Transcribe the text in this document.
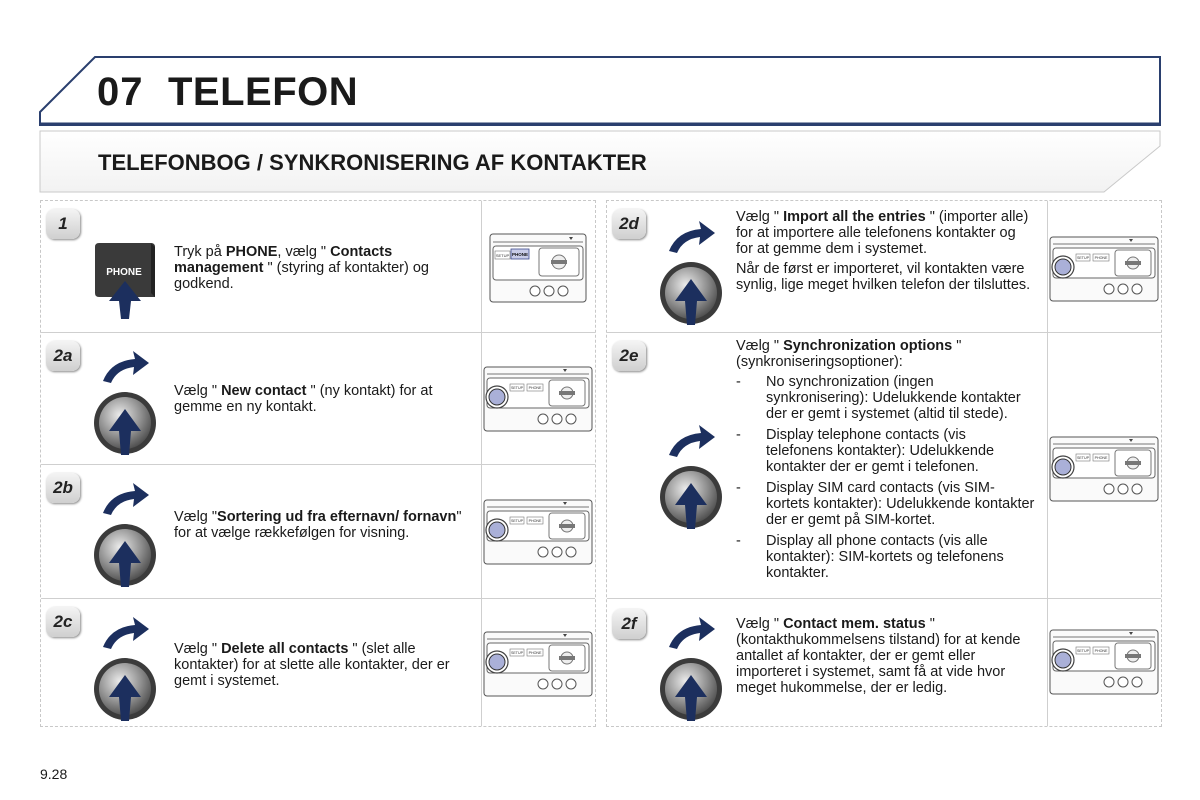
07 TELEFON
TELEFONBOG / SYNKRONISERING AF KONTAKTER
1
PHONE
Tryk på PHONE, vælg " Contacts management " (styring af kontakter) og godkend.
SETUP PHONE
2a
Vælg " New contact " (ny kontakt) for at gemme en ny kontakt.
SETUP PHONE
2b
Vælg "Sortering ud fra efternavn/ fornavn" for at vælge rækkefølgen for visning.
SETUP PHONE
2c
Vælg " Delete all contacts " (slet alle kontakter) for at slette alle kontakter, der er gemt i systemet.
SETUP PHONE
2d	Vælg " Import all the entries " (importer alle) for at importere alle telefonens kontakter og for at gemme dem i systemet.

Når de først er importeret, vil kontakten være synlig, lige meget hvilken telefon der tilsluttes.

SETUP PHONE
2e	Vælg " Synchronization options " (synkroniseringsoptioner):

- No synchronization (ingen synkronisering): Udelukkende kontakter der er gemt i systemet (altid til stede).
- Display telephone contacts (vis telefonens kontakter): Udelukkende kontakter der er gemt i telefonen.
- Display SIM card contacts (vis SIM-kortets kontakter): Udelukkende kontakter der er gemt på SIM-kortet.
- Display all phone contacts (vis alle kontakter): SIM-kortets og telefonens kontakter.
SETUP PHONE
2f	Vælg " Contact mem. status " (kontakthukommelsens tilstand) for at kende antallet af kontakter, der er gemt eller importeret i systemet, samt få at vide hvor meget hukommelse, der er ledig.
SETUP PHONE
9.28
